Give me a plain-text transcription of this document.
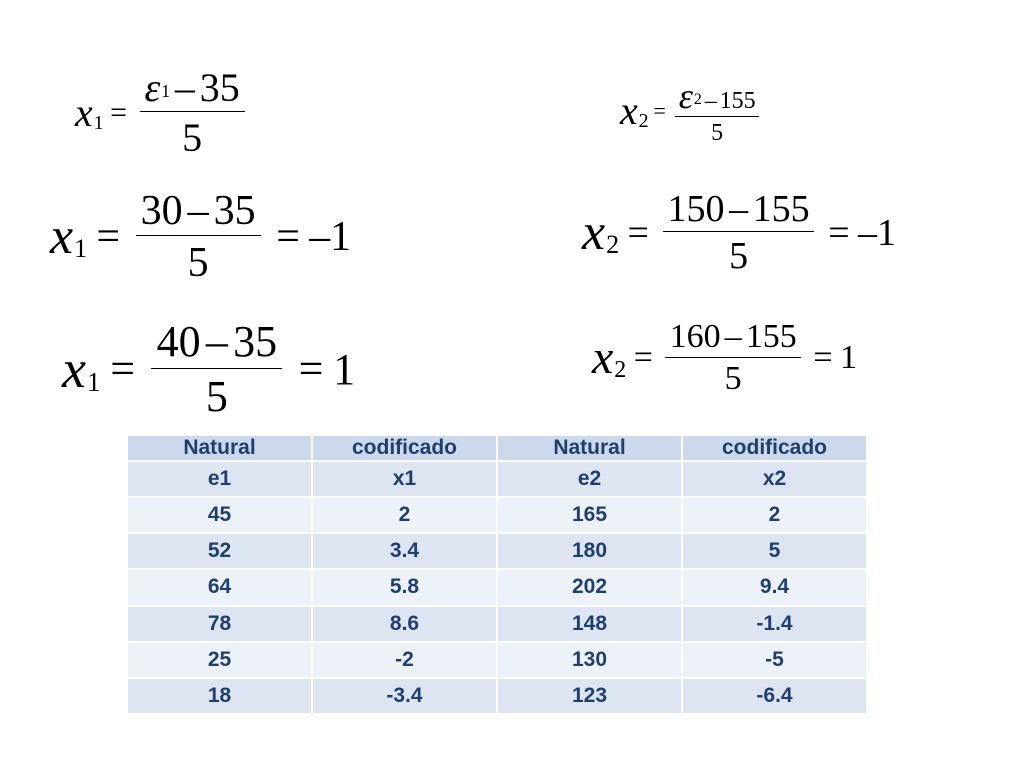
$x_1 = \frac{\varepsilon_1 - 35}{5}$	$x_2 = \frac{\varepsilon_2 - 155}{5}$
$x_1 = \frac{30 - 35}{5} = -1$	$x_2 = \frac{150 - 155}{5} = -1$
$x_1 = \frac{40 - 35}{5} = 1$	$x_2 = \frac{160 - 155}{5} = 1$
Natural	codificado	Natural	codificado
e1	x1	e2	x2
45	2	165	2
52	3.4	180	5
64	5.8	202	9.4
78	8.6	148	-1.4
25	-2	130	-5
18	-3.4	123	-6.4
